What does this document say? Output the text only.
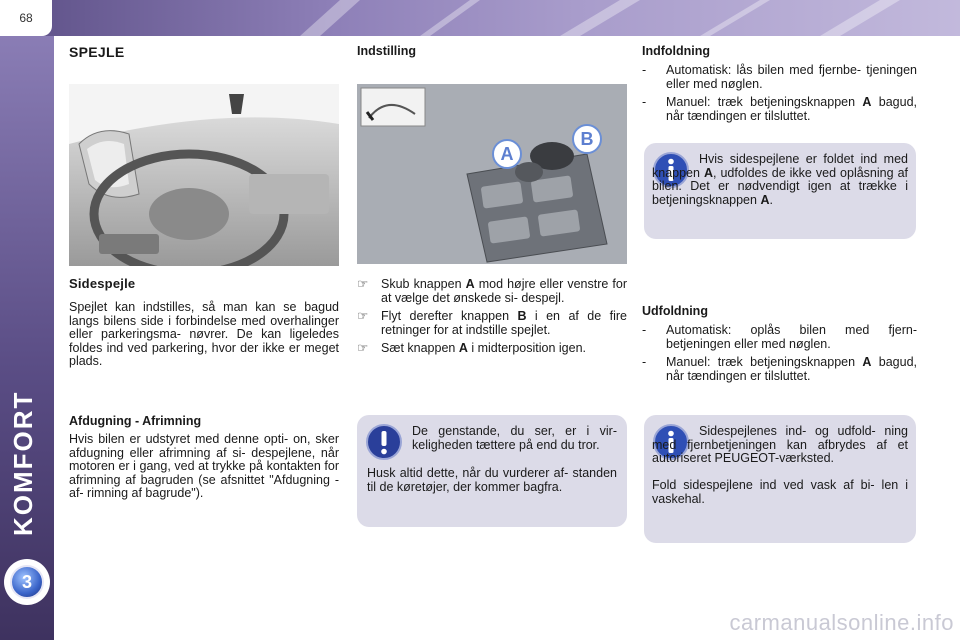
68
KOMFORT
3
SPEJLE
Sidespejle

Spejlet kan indstilles, så man kan se bagud langs bilens side i forbindelse med overhalinger eller parkeringsma- nøvrer. De kan ligeledes foldes ind ved parkering, hvor der ikke er meget plads.

Afdugning - Afrimning

Hvis bilen er udstyret med denne opti- on, sker afdugning eller afrimning af si- despejlene, når motoren er i gang, ved at trykke på kontakten for afrimning af bagruden (se afsnittet "Afdugning - af- rimning af bagrude").

Indstilling
A
B
☞	Skub knappen A mod højre eller venstre for at vælge det ønskede si- despejl.
☞	Flyt derefter knappen B i en af de fire retninger for at indstille spejlet.
☞	Sæt knappen A i midterposition igen.

De genstande, du ser, er i vir- keligheden tættere på end du tror.

Husk altid dette, når du vurderer af- standen til de køretøjer, der kommer bagfra.

Indfoldning
-	Automatisk: lås bilen med fjernbe- tjeningen eller med nøglen.
-	Manuel: træk betjeningsknappen A bagud, når tændingen er tilsluttet.

Hvis sidespejlene er foldet ind med knappen A, udfoldes de ikke ved oplåsning af bilen. Det er nødvendigt igen at trække i betjeningsknappen A.

Udfoldning
-	Automatisk: oplås bilen med fjern- betjeningen eller med nøglen.
-	Manuel: træk betjeningsknappen A bagud, når tændingen er tilsluttet.

Sidespejlenes ind- og udfold- ning med fjernbetjeningen kan afbrydes af et autoriseret PEUGEOT-værksted.

Fold sidespejlene ind ved vask af bi- len i vaskehal.

carmanualsonline.info
